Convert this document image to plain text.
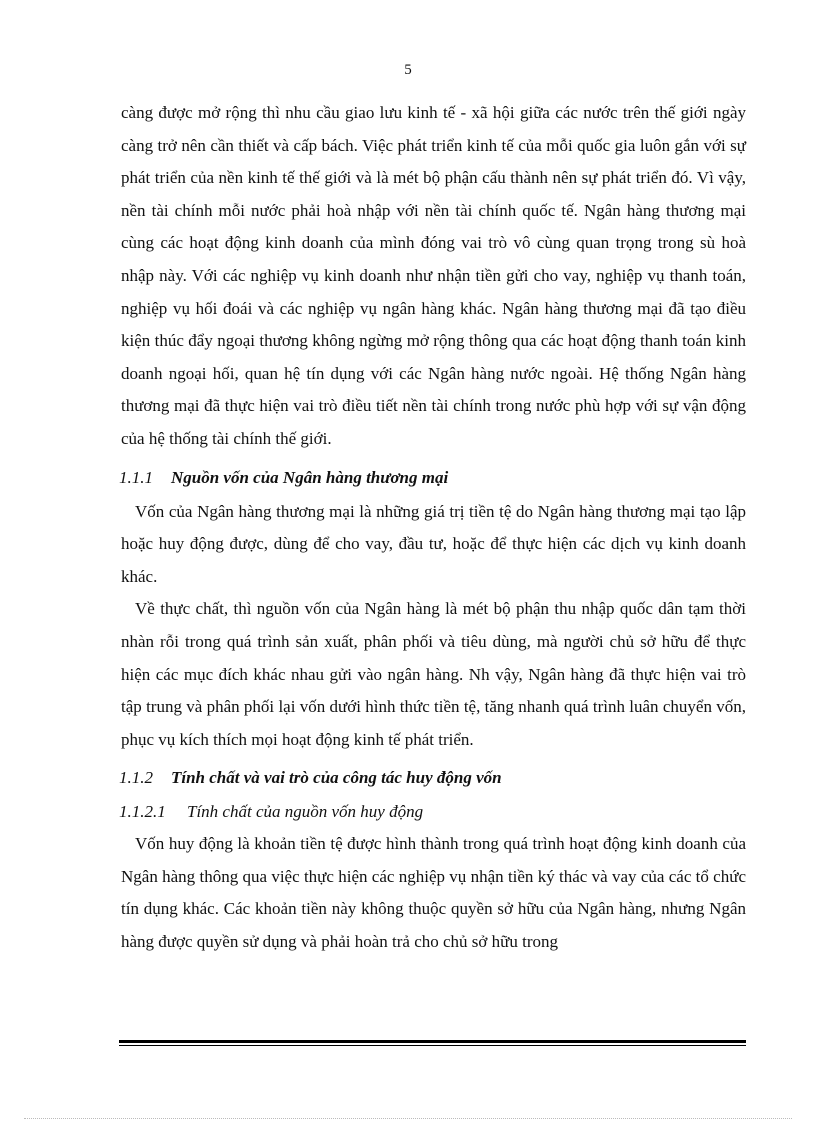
5

càng được mở rộng thì nhu cầu giao lưu kinh tế - xã hội giữa các nước trên thế giới ngày càng trở nên cần thiết và cấp bách. Việc phát triển kinh tế của mỗi quốc gia luôn gắn với sự phát triển của nền kinh tế thế giới và là mét bộ phận cấu thành nên sự phát triển đó. Vì vậy, nền tài chính mỗi nước phải hoà nhập với nền tài chính quốc tế. Ngân hàng thương mại cùng các hoạt động kinh doanh của mình đóng vai trò vô cùng quan trọng trong sù hoà nhập này. Với các nghiệp vụ kinh doanh như nhận tiền gửi cho vay, nghiệp vụ thanh toán, nghiệp vụ hối đoái và các nghiệp vụ ngân hàng khác. Ngân hàng thương mại đã tạo điều kiện thúc đẩy ngoại thương không ngừng mở rộng thông qua các hoạt động thanh toán kinh doanh ngoại hối, quan hệ tín dụng với các Ngân hàng nước ngoài. Hệ thống Ngân hàng thương mại đã thực hiện vai trò điều tiết nền tài chính trong nước phù hợp với sự vận động của hệ thống tài chính thế giới.

1.1.1 Nguồn vốn của Ngân hàng thương mại

Vốn của Ngân hàng thương mại là những giá trị tiền tệ do Ngân hàng thương mại tạo lập hoặc huy động được, dùng để cho vay, đầu tư, hoặc để thực hiện các dịch vụ kinh doanh khác.

Về thực chất, thì nguồn vốn của Ngân hàng là mét bộ phận thu nhập quốc dân tạm thời nhàn rỗi trong quá trình sản xuất, phân phối và tiêu dùng, mà người chủ sở hữu để thực hiện các mục đích khác nhau gửi vào ngân hàng. Nh vậy, Ngân hàng đã thực hiện vai trò tập trung và phân phối lại vốn dưới hình thức tiền tệ, tăng nhanh quá trình luân chuyển vốn, phục vụ kích thích mọi hoạt động kinh tế phát triển.

1.1.2 Tính chất và vai trò của công tác huy động vốn
1.1.2.1 Tính chất của nguồn vốn huy động

Vốn huy động là khoản tiền tệ được hình thành trong quá trình hoạt động kinh doanh của Ngân hàng thông qua việc thực hiện các nghiệp vụ nhận tiền ký thác và vay của các tổ chức tín dụng khác. Các khoản tiền này không thuộc quyền sở hữu của Ngân hàng, nhưng Ngân hàng được quyền sử dụng và phải hoàn trả cho chủ sở hữu trong
